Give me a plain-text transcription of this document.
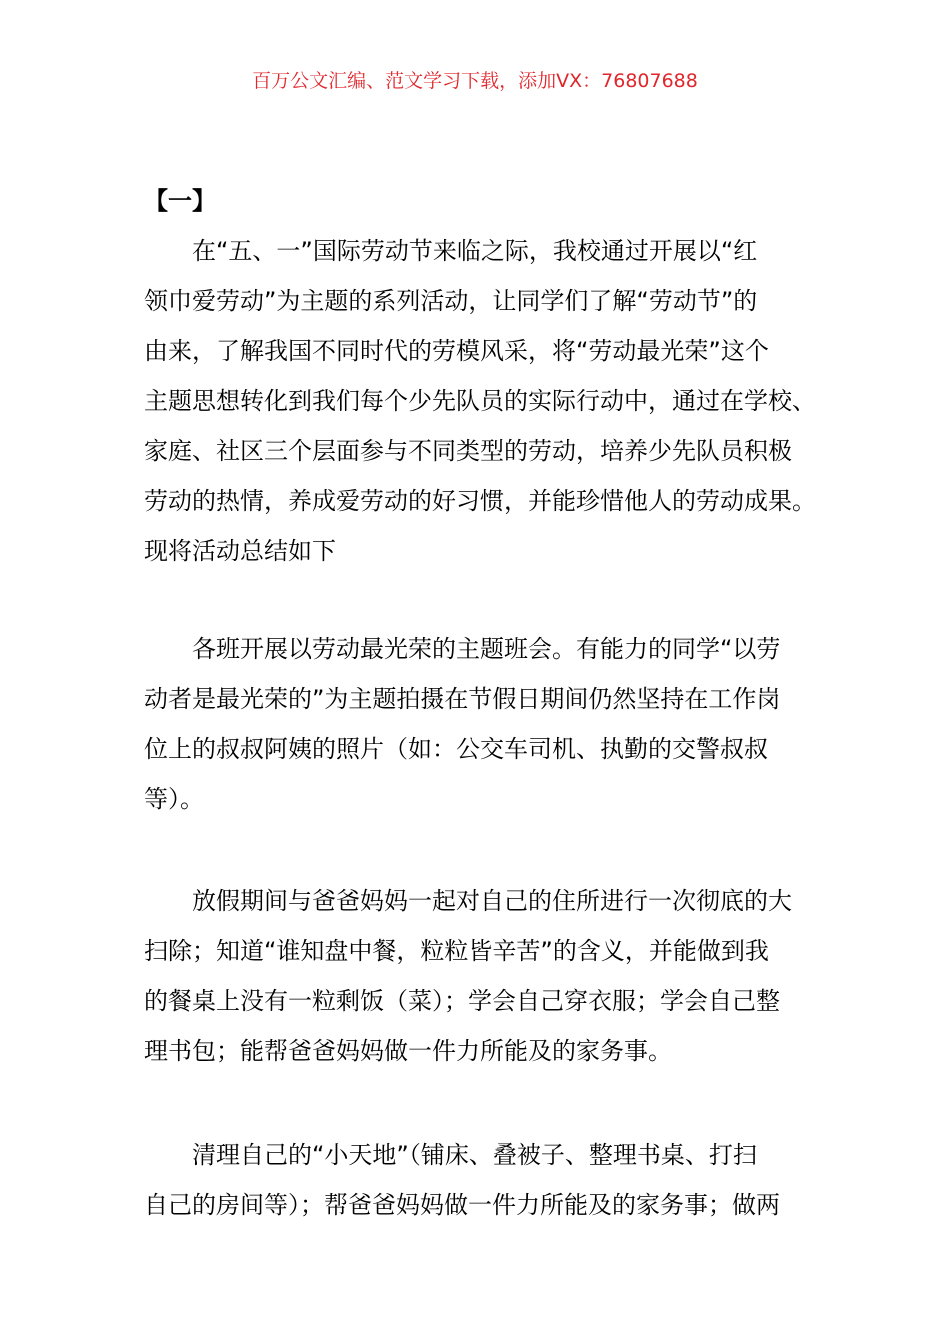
百万公文汇编、范文学习下载，添加VX：76807688
【一】

在“五、一”国际劳动节来临之际，我校通过开展以“红
领巾爱劳动”为主题的系列活动，让同学们了解“劳动节”的
由来，了解我国不同时代的劳模风采，将“劳动最光荣”这个
主题思想转化到我们每个少先队员的实际行动中，通过在学校、
家庭、社区三个层面参与不同类型的劳动，培养少先队员积极
劳动的热情，养成爱劳动的好习惯，并能珍惜他人的劳动成果。
现将活动总结如下

各班开展以劳动最光荣的主题班会。有能力的同学“以劳
动者是最光荣的”为主题拍摄在节假日期间仍然坚持在工作岗
位上的叔叔阿姨的照片（如：公交车司机、执勤的交警叔叔
等）。

放假期间与爸爸妈妈一起对自己的住所进行一次彻底的大
扫除；知道“谁知盘中餐，粒粒皆辛苦”的含义，并能做到我
的餐桌上没有一粒剩饭（菜）；学会自己穿衣服；学会自己整
理书包；能帮爸爸妈妈做一件力所能及的家务事。

清理自己的“小天地”（铺床、叠被子、整理书桌、打扫
自己的房间等）；帮爸爸妈妈做一件力所能及的家务事；做两
